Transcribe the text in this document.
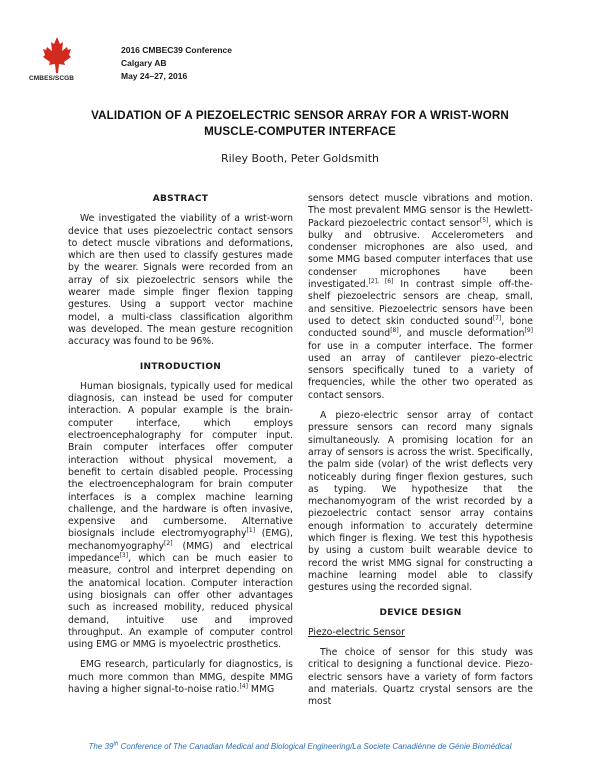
CMBES/SCGB
2016 CMBEC39 Conference
Calgary AB
May 24–27, 2016
VALIDATION OF A PIEZOELECTRIC SENSOR ARRAY FOR A WRIST-WORN
MUSCLE-COMPUTER INTERFACE
Riley Booth, Peter Goldsmith
ABSTRACT

We investigated the viability of a wrist-worn device that uses piezoelectric contact sensors to detect muscle vibrations and deformations, which are then used to classify gestures made by the wearer. Signals were recorded from an array of six piezoelectric sensors while the wearer made simple finger flexion tapping gestures. Using a support vector machine model, a multi-class classification algorithm was developed. The mean gesture recognition accuracy was found to be 96%.

INTRODUCTION

Human biosignals, typically used for medical diagnosis, can instead be used for computer interaction. A popular example is the brain-computer interface, which employs electroencephalography for computer input. Brain computer interfaces offer computer interaction without physical movement, a benefit to certain disabled people. Processing the electroencephalogram for brain computer interfaces is a complex machine learning challenge, and the hardware is often invasive, expensive and cumbersome. Alternative biosignals include electromyography[1] (EMG), mechanomyography[2] (MMG) and electrical impedance[3], which can be much easier to measure, control and interpret depending on the anatomical location. Computer interaction using biosignals can offer other advantages such as increased mobility, reduced physical demand, intuitive use and improved throughput. An example of computer control using EMG or MMG is myoelectric prosthetics.

EMG research, particularly for diagnostics, is much more common than MMG, despite MMG having a higher signal-to-noise ratio.[4] MMG

sensors detect muscle vibrations and motion. The most prevalent MMG sensor is the Hewlett-Packard piezoelectric contact sensor[5], which is bulky and obtrusive. Accelerometers and condenser microphones are also used, and some MMG based computer interfaces that use condenser microphones have been investigated.[2], [6] In contrast simple off-the-shelf piezoelectric sensors are cheap, small, and sensitive. Piezoelectric sensors have been used to detect skin conducted sound[7], bone conducted sound[8], and muscle deformation[9] for use in a computer interface. The former used an array of cantilever piezo-electric sensors specifically tuned to a variety of frequencies, while the other two operated as contact sensors.

A piezo-electric sensor array of contact pressure sensors can record many signals simultaneously. A promising location for an array of sensors is across the wrist. Specifically, the palm side (volar) of the wrist deflects very noticeably during finger flexion gestures, such as typing. We hypothesize that the mechanomyogram of the wrist recorded by a piezoelectric contact sensor array contains enough information to accurately determine which finger is flexing. We test this hypothesis by using a custom built wearable device to record the wrist MMG signal for constructing a machine learning model able to classify gestures using the recorded signal.

DEVICE DESIGN
Piezo-electric Sensor

The choice of sensor for this study was critical to designing a functional device. Piezo-electric sensors have a variety of form factors and materials. Quartz crystal sensors are the most

The 39th Conference of The Canadian Medical and Biological Engineering/La Societe Canadiénne de Génie Biomédical
